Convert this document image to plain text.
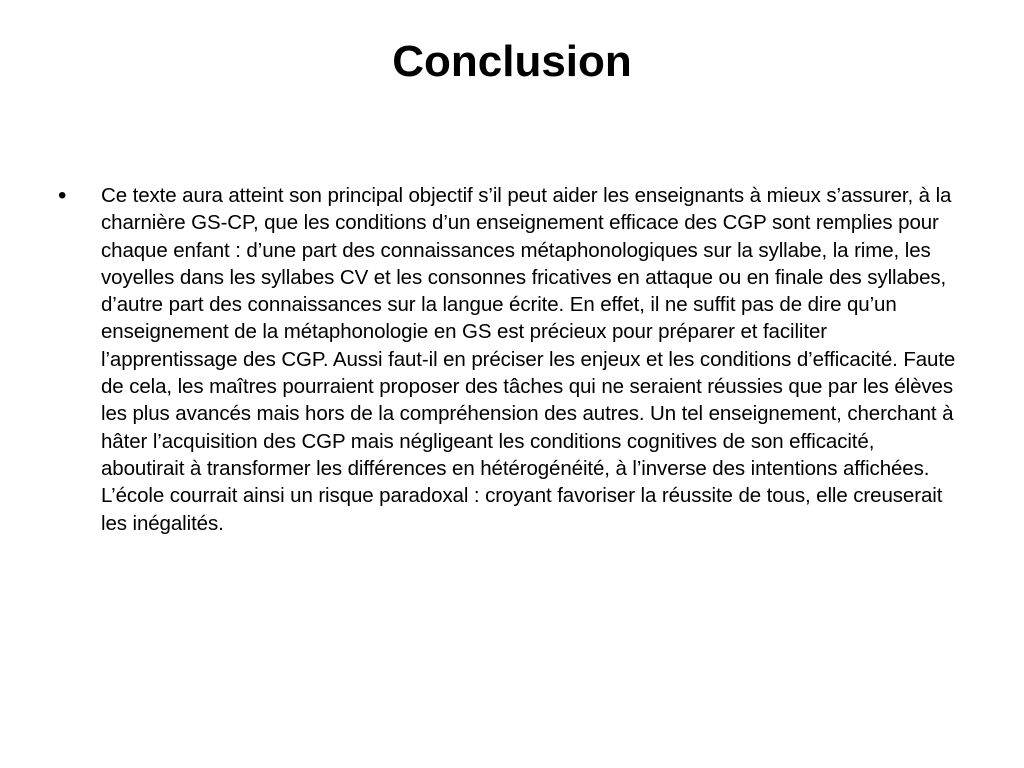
Conclusion
• Ce texte aura atteint son principal objectif s’il peut aider les enseignants à mieux s’assurer, à la charnière GS-CP, que les conditions d’un enseignement efficace des CGP sont remplies pour chaque enfant : d’une part des connaissances métaphonologiques sur la syllabe, la rime, les voyelles dans les syllabes CV et les consonnes fricatives en attaque ou en finale des syllabes, d’autre part des connaissances sur la langue écrite. En effet, il ne suffit pas de dire qu’un enseignement de la métaphonologie en GS est précieux pour préparer et faciliter l’apprentissage des CGP. Aussi faut-il en préciser les enjeux et les conditions d’efficacité. Faute de cela, les maîtres pourraient proposer des tâches qui ne seraient réussies que par les élèves les plus avancés mais hors de la compréhension des autres. Un tel enseignement, cherchant à hâter l’acquisition des CGP mais négligeant les conditions cognitives de son efficacité, aboutirait à transformer les différences en hétérogénéité, à l’inverse des intentions affichées. L’école courrait ainsi un risque paradoxal : croyant favoriser la réussite de tous, elle creuserait les inégalités.
